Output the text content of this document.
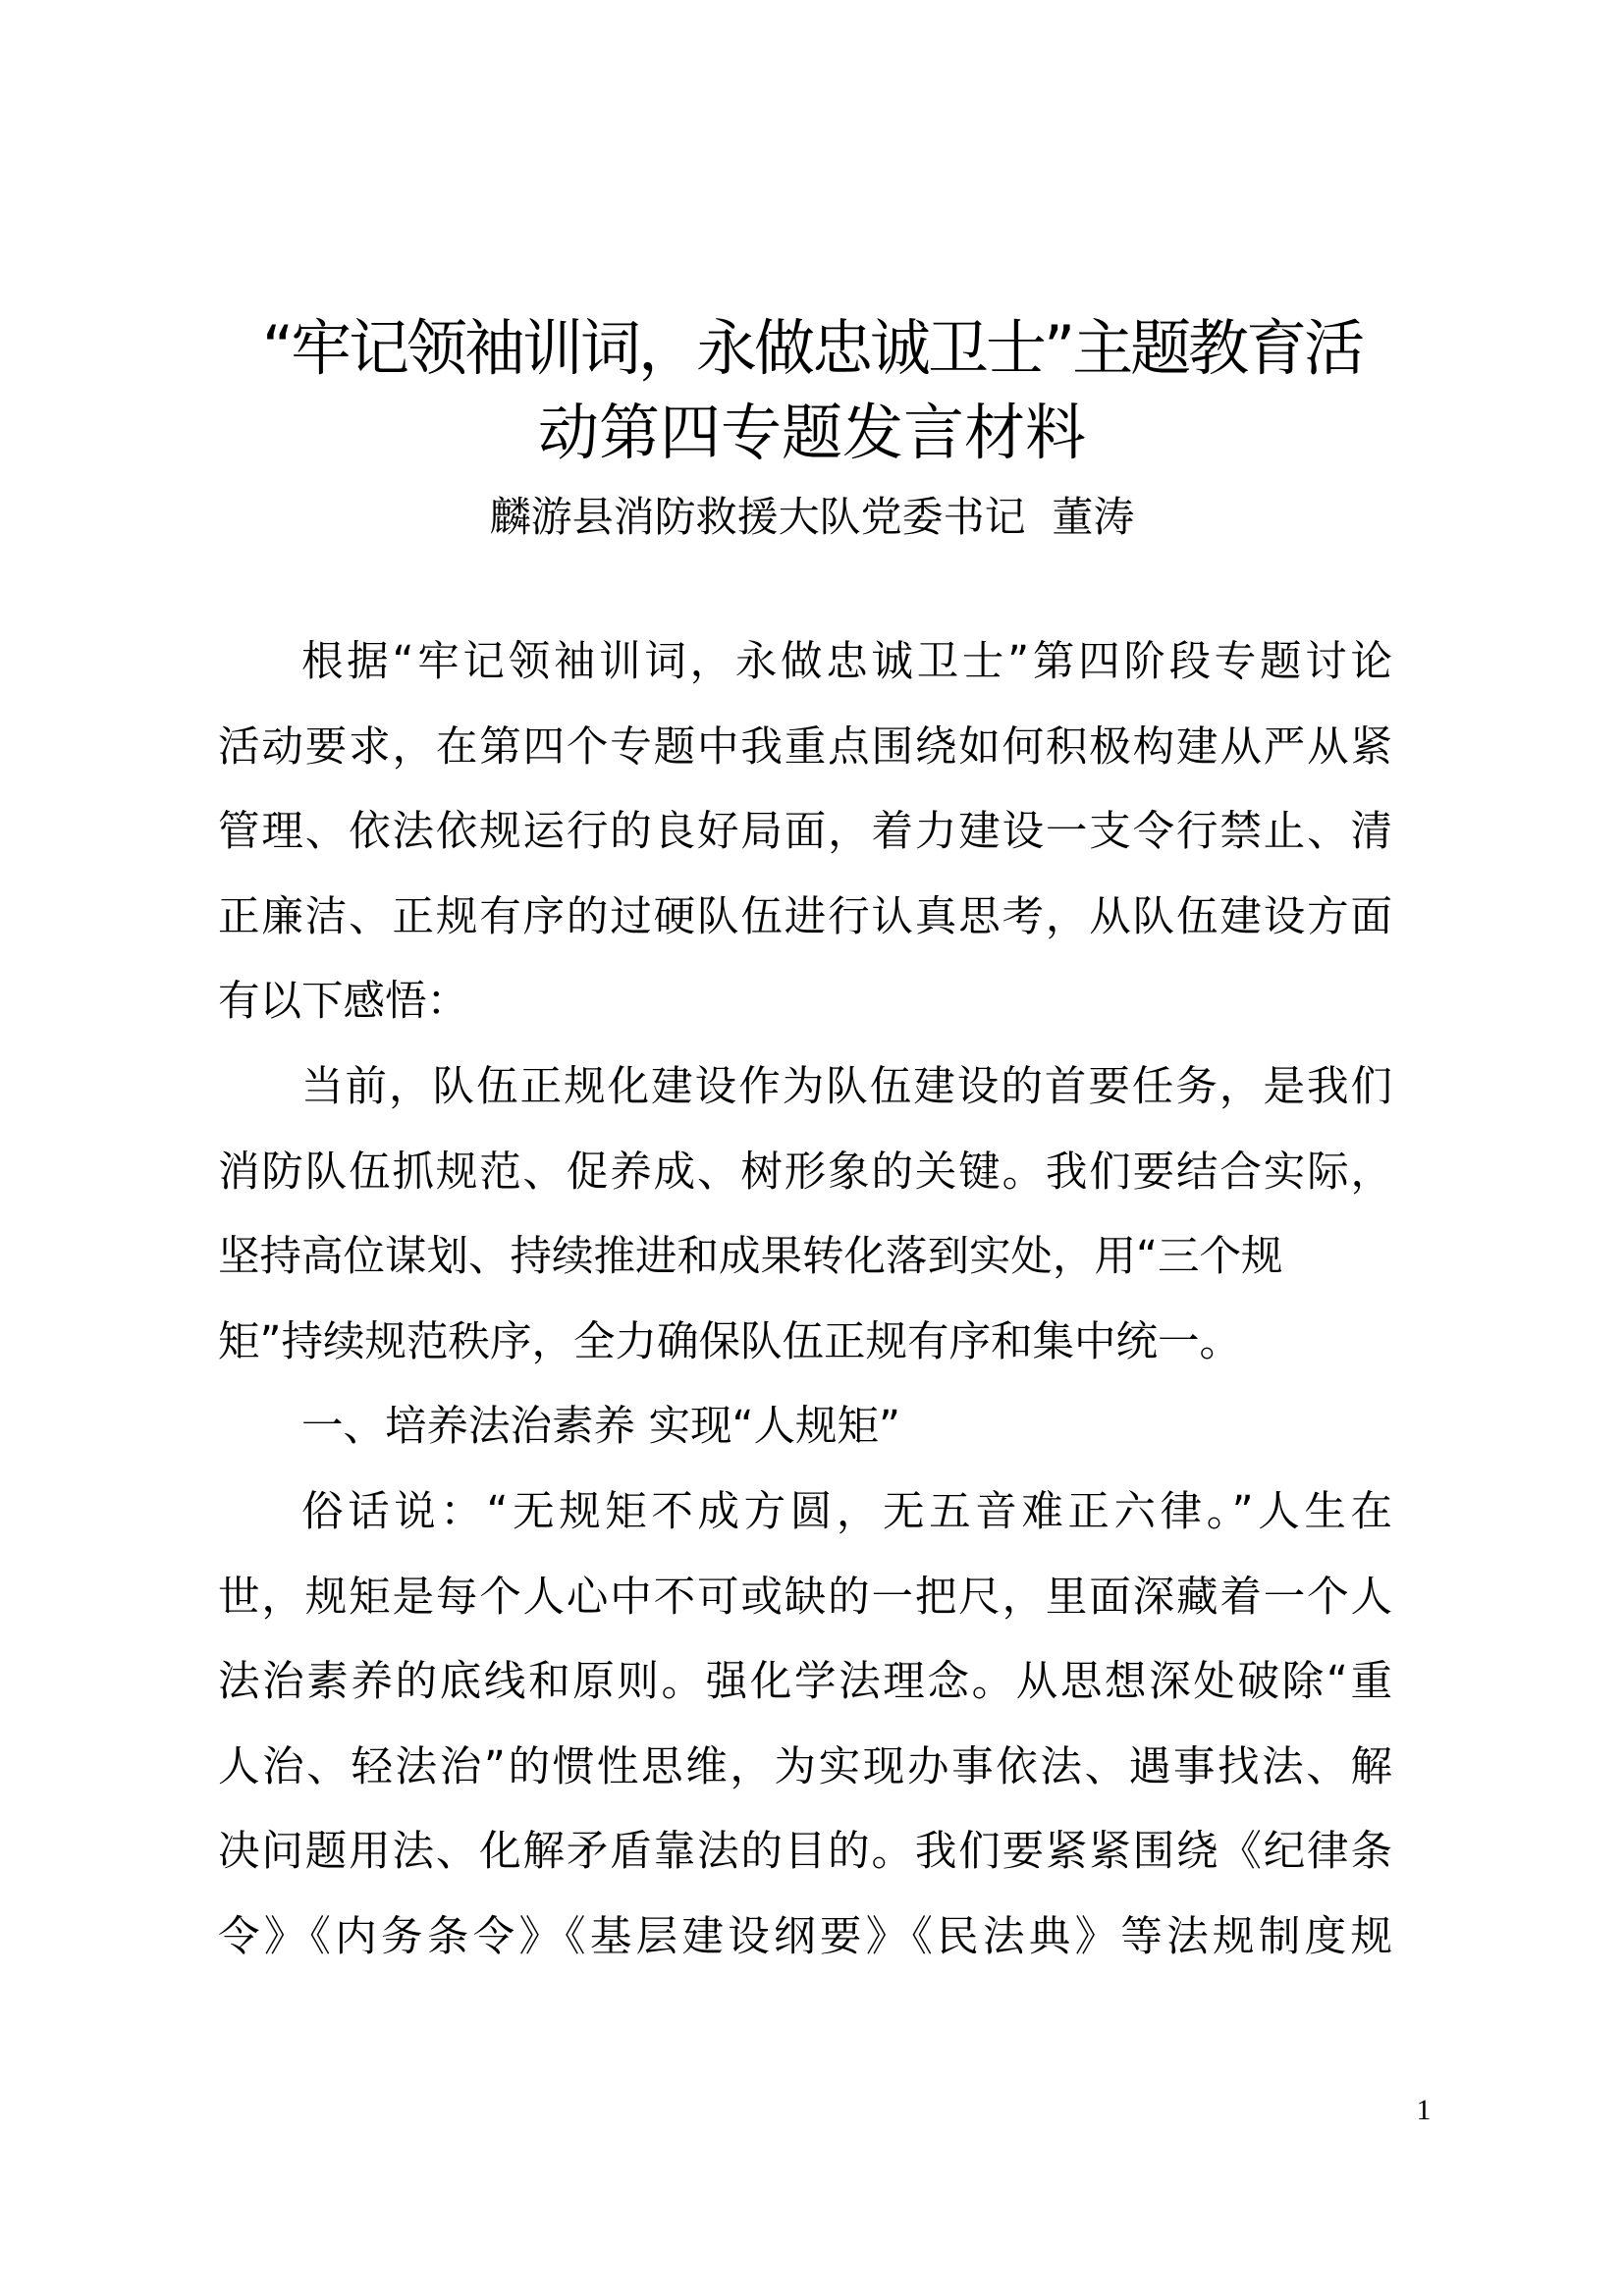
“牢记领袖训词，永做忠诚卫士”主题教育活
动第四专题发言材料
麟游县消防救援大队党委书记  董涛
根据“牢记领袖训词，永做忠诚卫士”第四阶段专题讨论
活动要求，在第四个专题中我重点围绕如何积极构建从严从紧
管理、依法依规运行的良好局面，着力建设一支令行禁止、清
正廉洁、正规有序的过硬队伍进行认真思考，从队伍建设方面
有以下感悟：
当前，队伍正规化建设作为队伍建设的首要任务，是我们
消防队伍抓规范、促养成、树形象的关键。我们要结合实际，
坚持高位谋划、持续推进和成果转化落到实处，用“三个规
矩”持续规范秩序，全力确保队伍正规有序和集中统一。
一、培养法治素养 实现“人规矩”
俗话说：“无规矩不成方圆，无五音难正六律。”人生在
世，规矩是每个人心中不可或缺的一把尺，里面深藏着一个人
法治素养的底线和原则。强化学法理念。从思想深处破除“重
人治、轻法治”的惯性思维，为实现办事依法、遇事找法、解
决问题用法、化解矛盾靠法的目的。我们要紧紧围绕《纪律条
令》《内务条令》《基层建设纲要》《民法典》等法规制度规
1
